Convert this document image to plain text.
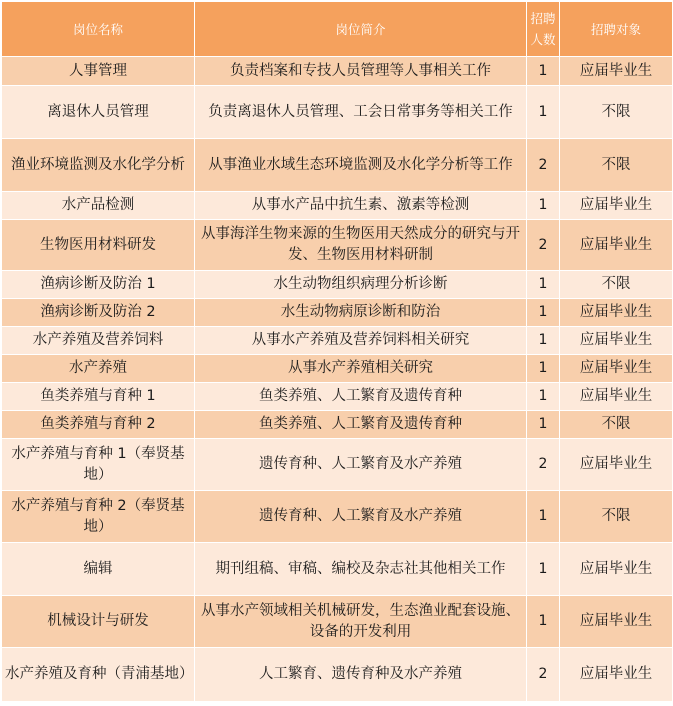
岗位名称	岗位简介	招聘人数	招聘对象
人事管理	负责档案和专技人员管理等人事相关工作	1	应届毕业生
离退休人员管理	负责离退休人员管理、工会日常事务等相关工作	1	不限
渔业环境监测及水化学分析	从事渔业水域生态环境监测及水化学分析等工作	2	不限
水产品检测	从事水产品中抗生素、激素等检测	1	应届毕业生
生物医用材料研发	从事海洋生物来源的生物医用天然成分的研究与开发、生物医用材料研制	2	应届毕业生
渔病诊断及防治 1	水生动物组织病理分析诊断	1	不限
渔病诊断及防治 2	水生动物病原诊断和防治	1	应届毕业生
水产养殖及营养饲料	从事水产养殖及营养饲料相关研究	1	应届毕业生
水产养殖	从事水产养殖相关研究	1	应届毕业生
鱼类养殖与育种 1	鱼类养殖、人工繁育及遗传育种	1	应届毕业生
鱼类养殖与育种 2	鱼类养殖、人工繁育及遗传育种	1	不限
水产养殖与育种 1（奉贤基地）	遗传育种、人工繁育及水产养殖	2	应届毕业生
水产养殖与育种 2（奉贤基地）	遗传育种、人工繁育及水产养殖	1	不限
编辑	期刊组稿、审稿、编校及杂志社其他相关工作	1	应届毕业生
机械设计与研发	从事水产领域相关机械研发，生态渔业配套设施、设备的开发利用	1	应届毕业生
水产养殖及育种（青浦基地）	人工繁育、遗传育种及水产养殖	2	应届毕业生
